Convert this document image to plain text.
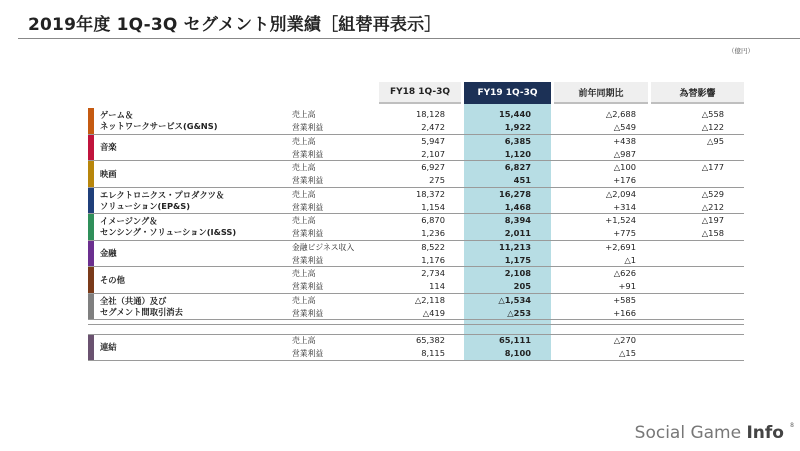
2019年度 1Q-3Q セグメント別業績［組替再表示］
（億円）
FY18 1Q-3Q	FY19 1Q-3Q	前年同期比	為替影響
ゲーム＆
ネットワークサービス(G&NS)
売上高	18,128	15,440	△2,688	△558
営業利益	2,472	1,922	△549	△122
音楽
売上高	5,947	6,385	+438	△95
営業利益	2,107	1,120	△987
映画
売上高	6,927	6,827	△100	△177
営業利益	275	451	+176
エレクトロニクス・プロダクツ＆
ソリューション(EP&S)
売上高	18,372	16,278	△2,094	△529
営業利益	1,154	1,468	+314	△212
イメージング＆
センシング・ソリューション(I&SS)
売上高	6,870	8,394	+1,524	△197
営業利益	1,236	2,011	+775	△158
金融
金融ビジネス収入	8,522	11,213	+2,691
営業利益	1,176	1,175	△1
その他
売上高	2,734	2,108	△626
営業利益	114	205	+91
全社（共通）及び
セグメント間取引消去
売上高	△2,118	△1,534	+585
営業利益	△419	△253	+166
連結
売上高	65,382	65,111	△270
営業利益	8,115	8,100	△15
Social Game Info 8
